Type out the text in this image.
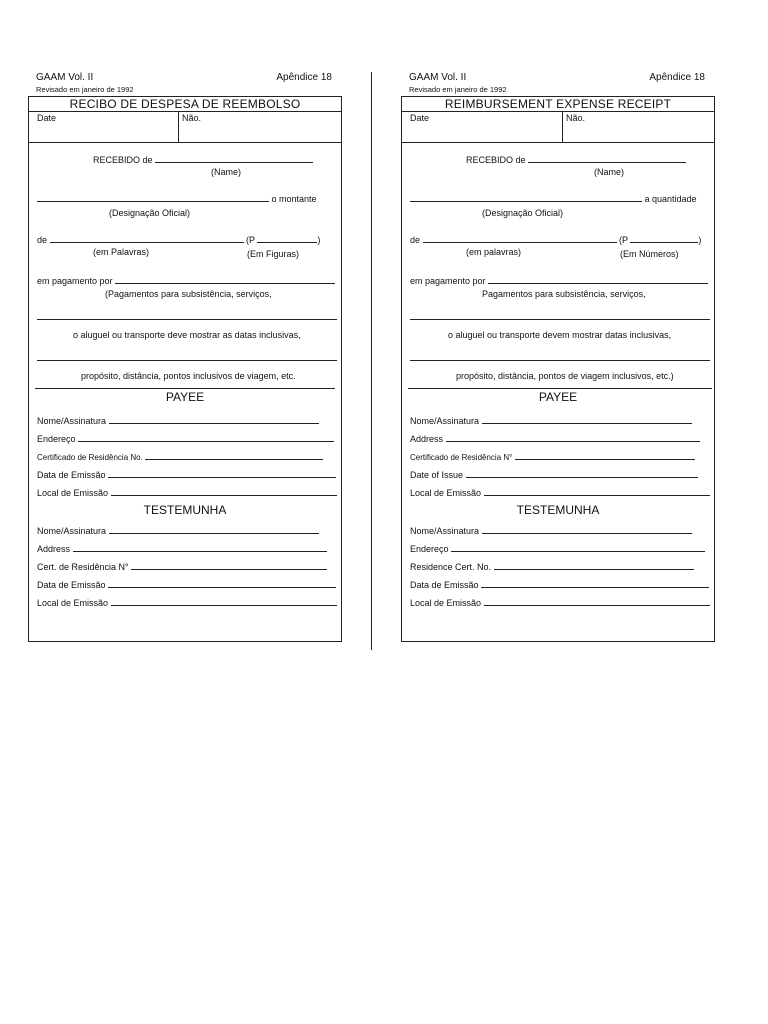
GAAM Vol. II	Apêndice 18
Revisado em janeiro de 1992
RECIBO DE DESPESA DE REEMBOLSO
Date	Não.
RECEBIDO de
(Name)
o montante
(Designação Oficial)
de	(P	)
(em Palavras)	(Em Figuras)
em pagamento por
(Pagamentos para subsistência, serviços,
o aluguel ou transporte deve mostrar as datas inclusivas,
propósito, distância, pontos inclusivos de viagem, etc.
PAYEE
Nome/Assinatura
Endereço
Certificado de Residência No.
Data de Emissão
Local de Emissão
TESTEMUNHA
Nome/Assinatura
Address
Cert. de Residência N°
Data de Emissão
Local de Emissão
GAAM Vol. II	Apêndice 18
Revisado em janeiro de 1992
REIMBURSEMENT EXPENSE RECEIPT
Date	Não.
RECEBIDO de
(Name)
a quantidade
(Designação Oficial)
de	(P	)
(em palavras)	(Em Números)
em pagamento por
Pagamentos para subsistência, serviços,
o aluguel ou transporte devem mostrar datas inclusivas,
propósito, distância, pontos de viagem inclusivos, etc.)
PAYEE
Nome/Assinatura
Address
Certificado de Residência N°
Date of Issue
Local de Emissão
TESTEMUNHA
Nome/Assinatura
Endereço
Residence Cert. No.
Data de Emissão
Local de Emissão
